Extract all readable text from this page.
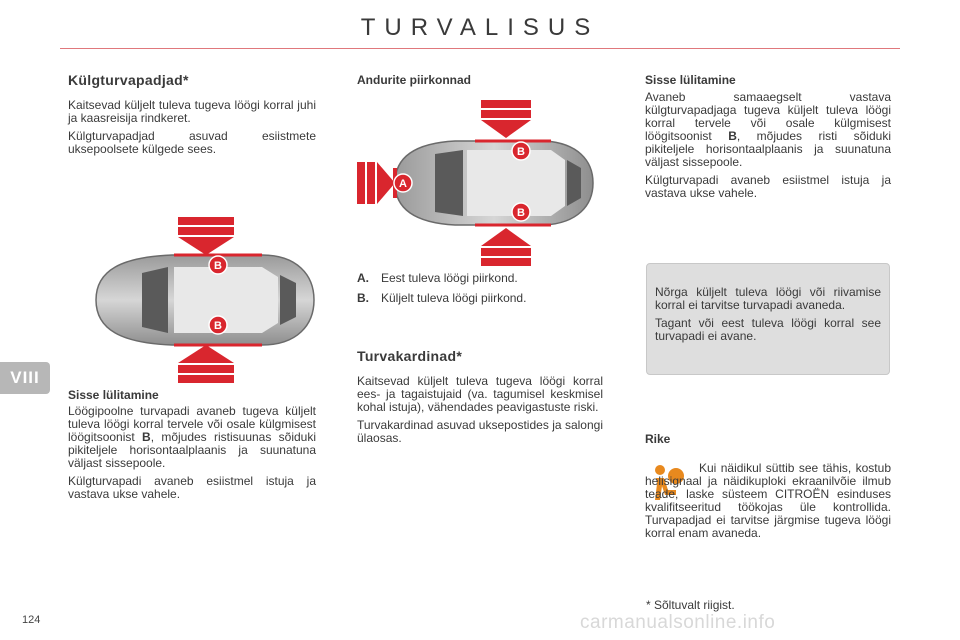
TURVALISUS
VIII
Külgturvapadjad*

Kaitsevad küljelt tuleva tugeva löögi korral juhi ja kaasreisija rindkeret.

Külgturvapadjad asuvad esiistmete uksepoolsete külgede sees.

B
B
Sisse lülitamine

Löögipoolne turvapadi avaneb tugeva küljelt tuleva löögi korral tervele või osale külgmisest löögitsoonist B, mõjudes ristisuunas sõiduki pikiteljele horisontaalplaanis ja suunatuna väljast sissepoole.

Külgturvapadi avaneb esiistmel istuja ja vastava ukse vahele.

Andurite piirkonnad
A
B
B
A.	Eest tuleva löögi piirkond.
B.	Küljelt tuleva löögi piirkond.
Turvakardinad*

Kaitsevad küljelt tuleva tugeva löögi korral ees- ja tagaistujaid (va. tagumisel keskmisel kohal istuja), vähendades peavigastuste riski.

Turvakardinad asuvad uksepostides ja salongi ülaosas.

Sisse lülitamine

Avaneb samaaegselt vastava külgturvapadjaga tugeva küljelt tuleva löögi korral tervele või osale külgmisest löögitsoonist B, mõjudes risti sõiduki pikiteljele horisontaalplaanis ja suunatuna väljast sissepoole.

Külgturvapadi avaneb esiistmel istuja ja vastava ukse vahele.

Nõrga küljelt tuleva löögi või riivamise korral ei tarvitse turvapadi avaneda.

Tagant või eest tuleva löögi korral see turvapadi ei avane.

Rike

Kui näidikul süttib see tähis, kostub helisignaal ja näidikuploki ekraanilvõie ilmub teade, laske süsteem CITROËN esinduses kvalifitseeritud töökojas üle kontrollida. Turvapadjad ei tarvitse järgmise tugeva löögi korral enam avaneda.

* Sõltuvalt riigist.
124	carmanualsonline.info
